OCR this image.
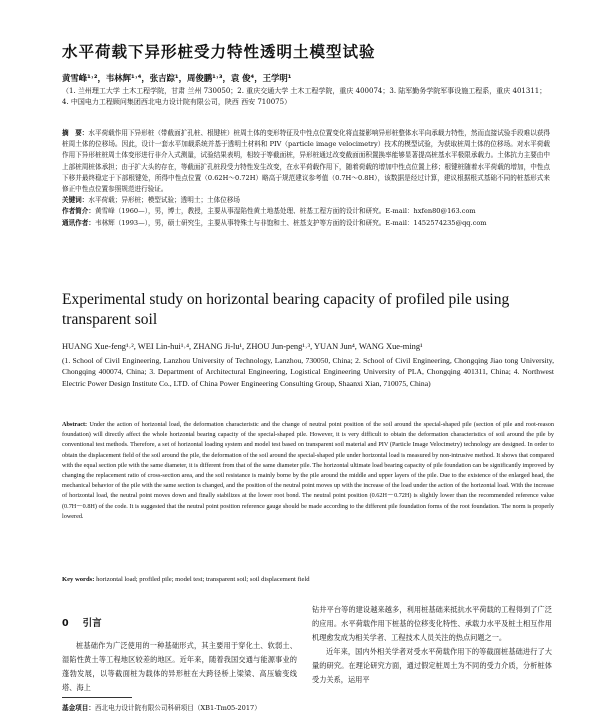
水平荷载下异形桩受力特性透明土模型试验
黄雪峰¹˒²，韦林辉¹˒⁴，张吉踪¹，周俊鹏¹˒³，袁 俊⁴，王学明¹
（1. 兰州理工大学 土木工程学院，甘肃 兰州 730050；2. 重庆交通大学 土木工程学院，重庆 400074；3. 陆军勤务学院军事设施工程系，重庆 401311；4. 中国电力工程顾问集团西北电力设计院有限公司，陕西 西安 710075）
摘　要：水平荷载作用下异形桩（带截面扩孔桩、根键桩）桩周土体的变形特征及中性点位置变化将直接影响异形桩整体水平向承载力特性，然而直接试验手段难以获得桩周土体的位移场。因此，设计一套水平加载系统并基于透明土材料和 PIV（particle image velocimetry）技术的模型试验，为获取桩周土体的位移场。对水平荷载作用下异形桩桩周土体变形进行非介入式测量，试验结果表明，相较于等截面桩，异形桩通过改变截面面积置换率能够显著提高桩基水平极限承载力。土体抗力主要由中上部桩周桩体承担；由于扩大头的存在，等截面扩孔桩段受力特性发生改变，在水平荷载作用下，随着荷载的增加中性点位置上移；根键桩随着水平荷载的增加，中性点下移并最终稳定于下部根键处，所得中性点位置（0.62H～0.72H）略高于规范建议参考值（0.7H～0.8H），该数据是经过计算，建议根据根式基础不同的桩基形式来修正中性点位置参照规范进行验证。
关键词：水平荷载；异形桩；模型试验；透明土；土体位移场
作者简介：黄雪峰（1960—），男，博士，教授，主要从事湿陷性黄土地基处理、桩基工程方面的设计和研究。E-mail：hxfen80@163.com
通讯作者：韦林辉（1993—），男，硕士研究生，主要从事特殊土与非饱和土、桩基支护等方面的设计和研究。E-mail：1452574235@qq.com
Experimental study on horizontal bearing capacity of profiled pile using transparent soil
HUANG Xue-feng¹˒², WEI Lin-hui¹˒⁴, ZHANG Ji-lu¹, ZHOU Jun-peng¹˒³, YUAN Jun⁴, WANG Xue-ming¹
(1. School of Civil Engineering, Lanzhou University of Technology, Lanzhou, 730050, China; 2. School of Civil Engineering, Chongqing Jiao tong University, Chongqing 400074, China; 3. Department of Architectural Engineering, Logistical Engineering University of PLA, Chongqing 401311, China; 4. Northwest Electric Power Design Institute Co., LTD. of China Power Engineering Consulting Group, Shaanxi Xian, 710075, China)
Abstract: Under the action of horizontal load, the deformation characteristic and the change of neutral point position of the soil around the special-shaped pile (section of pile and root-reason foundation) will directly affect the whole horizontal bearing capacity of the special-shaped pile. However, it is very difficult to obtain the deformation characteristics of soil around the pile by conventional test methods. Therefore, a set of horizontal loading system and model test based on transparent soil material and PIV (Particle Image Velocimetry) technology are designed. In order to obtain the displacement field of the soil around the pile, the deformation of the soil around the special-shaped pile under horizontal load is measured by non-intrusive method. It shows that compared with the equal section pile with the same diameter, it is different from that of the same diameter pile. The horizontal ultimate load bearing capacity of pile foundation can be significantly improved by changing the replacement ratio of cross-section area, and the soil resistance is mainly borne by the pile around the middle and upper layers of the pile. Due to the existence of the enlarged head, the mechanical behavior of the pile with the same section is changed, and the position of the neutral point moves up with the increase of the load under the action of the horizontal load. With the increase of horizontal load, the neutral point moves down and finally stabilizes at the lower root bond. The neutral point position (0.62H～0.72H) is slightly lower than the recommended reference value (0.7H～0.8H) of the code. It is suggested that the neutral point position reference gauge should be made according to the different pile foundation forms of the root foundation. The norm is properly lowered.
Key words: horizontal load; profiled pile; model test; transparent soil; soil displacement field
0 引言

桩基础作为广泛使用的一种基础形式，其主要用于穿化土、软弱土、湿陷性黄土等工程地区较差的地区。近年来，随着我国交通与能源事业的蓬勃发展，以等截面桩为载体的异形桩在大跨径桥上梁梁、高压输变线塔、海上

钻井平台等的建设越来越多，利用桩基础来抵抗水平荷载的工程得到了广泛的应用。水平荷载作用下桩基的位移变化特性、承载力水平及桩土相互作用机理愈发成为相关学者、工程技术人员关注的热点问题之一。

近年来，国内外相关学者对受水平荷载作用下的等截面桩基础进行了大量的研究。在理论研究方面，通过假定桩周土为不同的受力介质，分析桩体受力关系，运用平

基金项目：西北电力设计院有限公司科研项目（XB1-Tm05-2017）
